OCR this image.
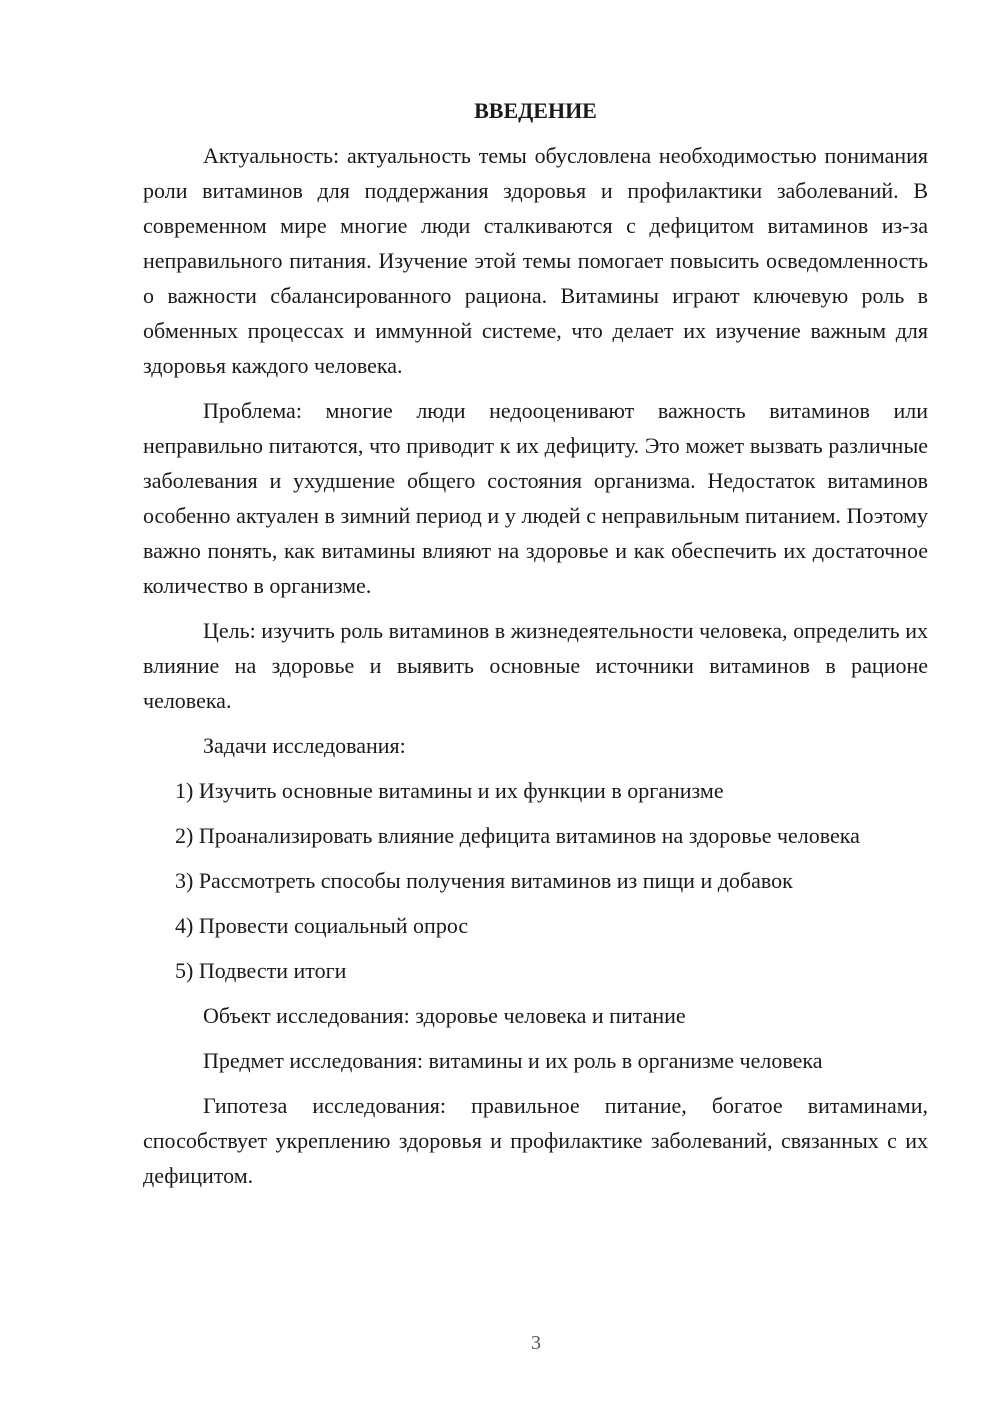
ВВЕДЕНИЕ

Актуальность: актуальность темы обусловлена необходимостью понимания роли витаминов для поддержания здоровья и профилактики заболеваний. В современном мире многие люди сталкиваются с дефицитом витаминов из-за неправильного питания. Изучение этой темы помогает повысить осведомленность о важности сбалансированного рациона. Витамины играют ключевую роль в обменных процессах и иммунной системе, что делает их изучение важным для здоровья каждого человека.

Проблема: многие люди недооценивают важность витаминов или неправильно питаются, что приводит к их дефициту. Это может вызвать различные заболевания и ухудшение общего состояния организма. Недостаток витаминов особенно актуален в зимний период и у людей с неправильным питанием. Поэтому важно понять, как витамины влияют на здоровье и как обеспечить их достаточное количество в организме.

Цель: изучить роль витаминов в жизнедеятельности человека, определить их влияние на здоровье и выявить основные источники витаминов в рационе человека.

Задачи исследования:

1) Изучить основные витамины и их функции в организме

2) Проанализировать влияние дефицита витаминов на здоровье человека

3) Рассмотреть способы получения витаминов из пищи и добавок

4) Провести социальный опрос

5) Подвести итоги

Объект исследования: здоровье человека и питание

Предмет исследования: витамины и их роль в организме человека

Гипотеза исследования: правильное питание, богатое витаминами, способствует укреплению здоровья и профилактике заболеваний, связанных с их дефицитом.

3
